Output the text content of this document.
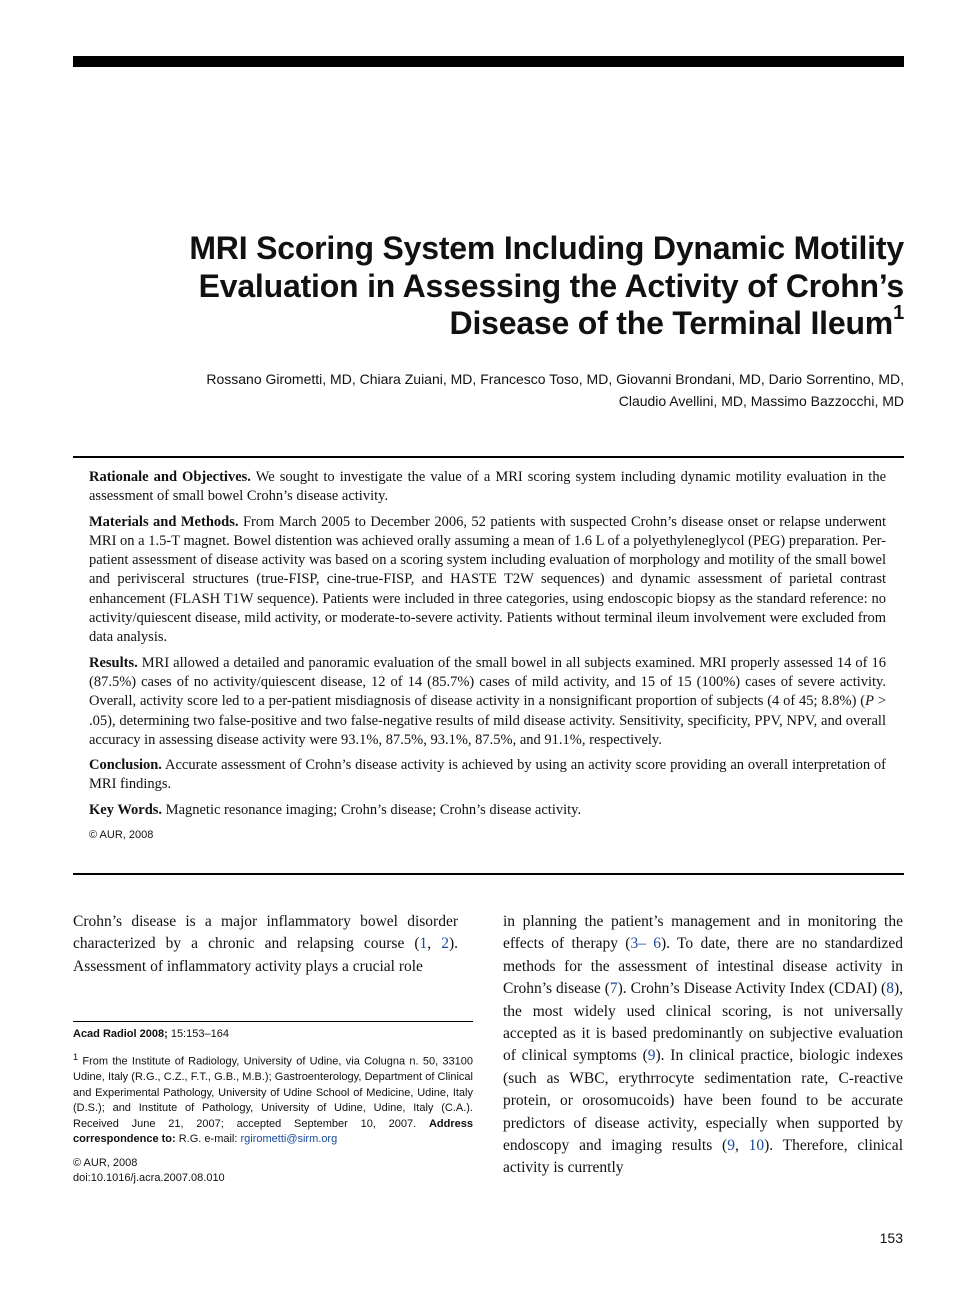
MRI Scoring System Including Dynamic Motility Evaluation in Assessing the Activity of Crohn’s Disease of the Terminal Ileum$^1$
Rossano Girometti, MD, Chiara Zuiani, MD, Francesco Toso, MD, Giovanni Brondani, MD, Dario Sorrentino, MD,
Claudio Avellini, MD, Massimo Bazzocchi, MD

Rationale and Objectives. We sought to investigate the value of a MRI scoring system including dynamic motility evaluation in the assessment of small bowel Crohn’s disease activity.

Materials and Methods. From March 2005 to December 2006, 52 patients with suspected Crohn’s disease onset or relapse underwent MRI on a 1.5-T magnet. Bowel distention was achieved orally assuming a mean of 1.6 L of a polyethyleneglycol (PEG) preparation. Per-patient assessment of disease activity was based on a scoring system including evaluation of morphology and motility of the small bowel and perivisceral structures (true-FISP, cine-true-FISP, and HASTE T2W sequences) and dynamic assessment of parietal contrast enhancement (FLASH T1W sequence). Patients were included in three categories, using endoscopic biopsy as the standard reference: no activity/quiescent disease, mild activity, or moderate-to-severe activity. Patients without terminal ileum involvement were excluded from data analysis.

Results. MRI allowed a detailed and panoramic evaluation of the small bowel in all subjects examined. MRI properly assessed 14 of 16 (87.5%) cases of no activity/quiescent disease, 12 of 14 (85.7%) cases of mild activity, and 15 of 15 (100%) cases of severe activity. Overall, activity score led to a per-patient misdiagnosis of disease activity in a nonsignificant proportion of subjects (4 of 45; 8.8%) (P > .05), determining two false-positive and two false-negative results of mild disease activity. Sensitivity, specificity, PPV, NPV, and overall accuracy in assessing disease activity were 93.1%, 87.5%, 93.1%, 87.5%, and 91.1%, respectively.

Conclusion. Accurate assessment of Crohn’s disease activity is achieved by using an activity score providing an overall interpretation of MRI findings.

Key Words. Magnetic resonance imaging; Crohn’s disease; Crohn’s disease activity.

© AUR, 2008

Crohn’s disease is a major inflammatory bowel disorder characterized by a chronic and relapsing course (1, 2). Assessment of inflammatory activity plays a crucial role

Acad Radiol 2008; 15:153–164

$^1$ From the Institute of Radiology, University of Udine, via Colugna n. 50, 33100 Udine, Italy (R.G., C.Z., F.T., G.B., M.B.); Gastroenterology, Department of Clinical and Experimental Pathology, University of Udine School of Medicine, Udine, Italy (D.S.); and Institute of Pathology, University of Udine, Udine, Italy (C.A.). Received June 21, 2007; accepted September 10, 2007. Address correspondence to: R.G. e-mail: rgirometti@sirm.org

© AUR, 2008

doi:10.1016/j.acra.2007.08.010

in planning the patient’s management and in monitoring the effects of therapy (3– 6). To date, there are no standardized methods for the assessment of intestinal disease activity in Crohn’s disease (7). Crohn’s Disease Activity Index (CDAI) (8), the most widely used clinical scoring, is not universally accepted as it is based predominantly on subjective evaluation of clinical symptoms (9). In clinical practice, biologic indexes (such as WBC, erythrrocyte sedimentation rate, C-reactive protein, or orosomucoids) have been found to be accurate predictors of disease activity, especially when supported by endoscopy and imaging results (9, 10). Therefore, clinical activity is currently

153
